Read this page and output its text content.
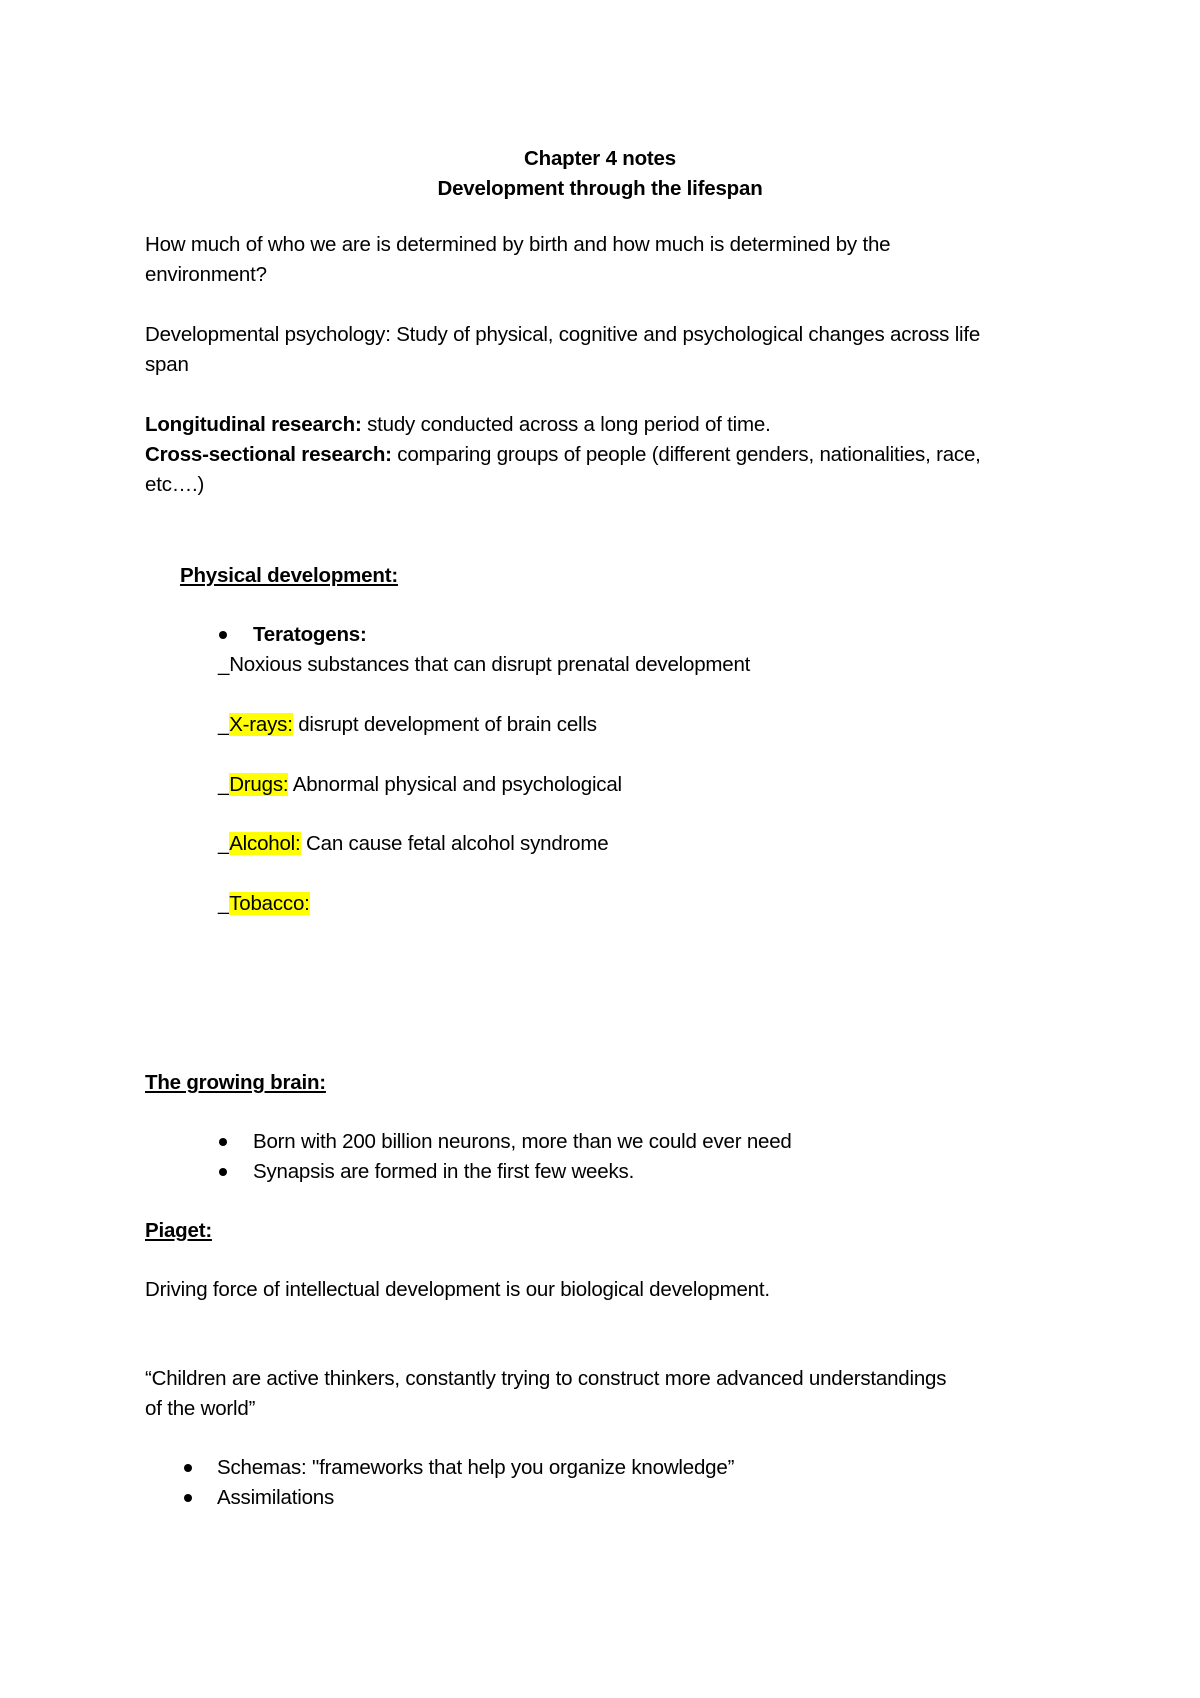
Chapter 4 notes
Development through the lifespan
How much of who we are is determined by birth and how much is determined by the
environment?
Developmental psychology: Study of physical, cognitive and psychological changes across life
span
Longitudinal research: study conducted across a long period of time.
Cross-sectional research: comparing groups of people (different genders, nationalities, race,
etc….)
Physical development:
Teratogens:
_Noxious substances that can disrupt prenatal development
_X-rays: disrupt development of brain cells
_Drugs: Abnormal physical and psychological
_Alcohol: Can cause fetal alcohol syndrome
_Tobacco:
The growing brain:
Born with 200 billion neurons, more than we could ever need
Synapsis are formed in the first few weeks.
Piaget:
Driving force of intellectual development is our biological development.
“Children are active thinkers, constantly trying to construct more advanced understandings
of the world”
Schemas: "frameworks that help you organize knowledge”
Assimilations
